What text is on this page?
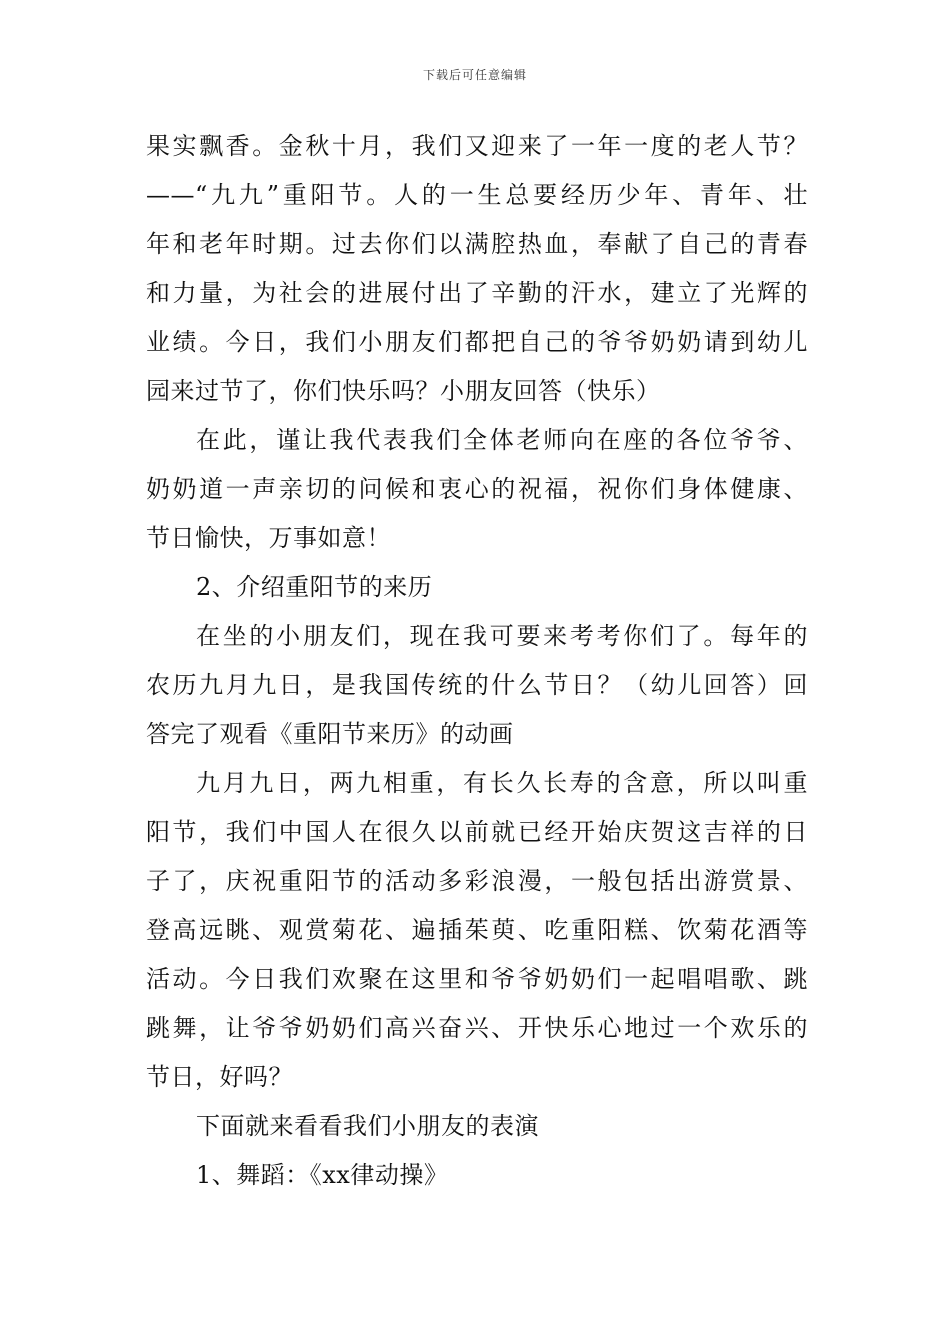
下载后可任意编辑
果实飘香。金秋十月，我们又迎来了一年一度的老人节？
——“九九”重阳节。人的一生总要经历少年、青年、壮
年和老年时期。过去你们以满腔热血，奉献了自己的青春
和力量，为社会的进展付出了辛勤的汗水，建立了光辉的
业绩。今日，我们小朋友们都把自己的爷爷奶奶请到幼儿
园来过节了，你们快乐吗？小朋友回答（快乐）
在此，谨让我代表我们全体老师向在座的各位爷爷、
奶奶道一声亲切的问候和衷心的祝福，祝你们身体健康、
节日愉快，万事如意！
2、介绍重阳节的来历
在坐的小朋友们，现在我可要来考考你们了。每年的
农历九月九日，是我国传统的什么节日？（幼儿回答）回
答完了观看《重阳节来历》的动画
九月九日，两九相重，有长久长寿的含意，所以叫重
阳节，我们中国人在很久以前就已经开始庆贺这吉祥的日
子了，庆祝重阳节的活动多彩浪漫，一般包括出游赏景、
登高远眺、观赏菊花、遍插茱萸、吃重阳糕、饮菊花酒等
活动。今日我们欢聚在这里和爷爷奶奶们一起唱唱歌、跳
跳舞，让爷爷奶奶们高兴奋兴、开快乐心地过一个欢乐的
节日，好吗？
下面就来看看我们小朋友的表演
1、舞蹈：《xx律动操》
